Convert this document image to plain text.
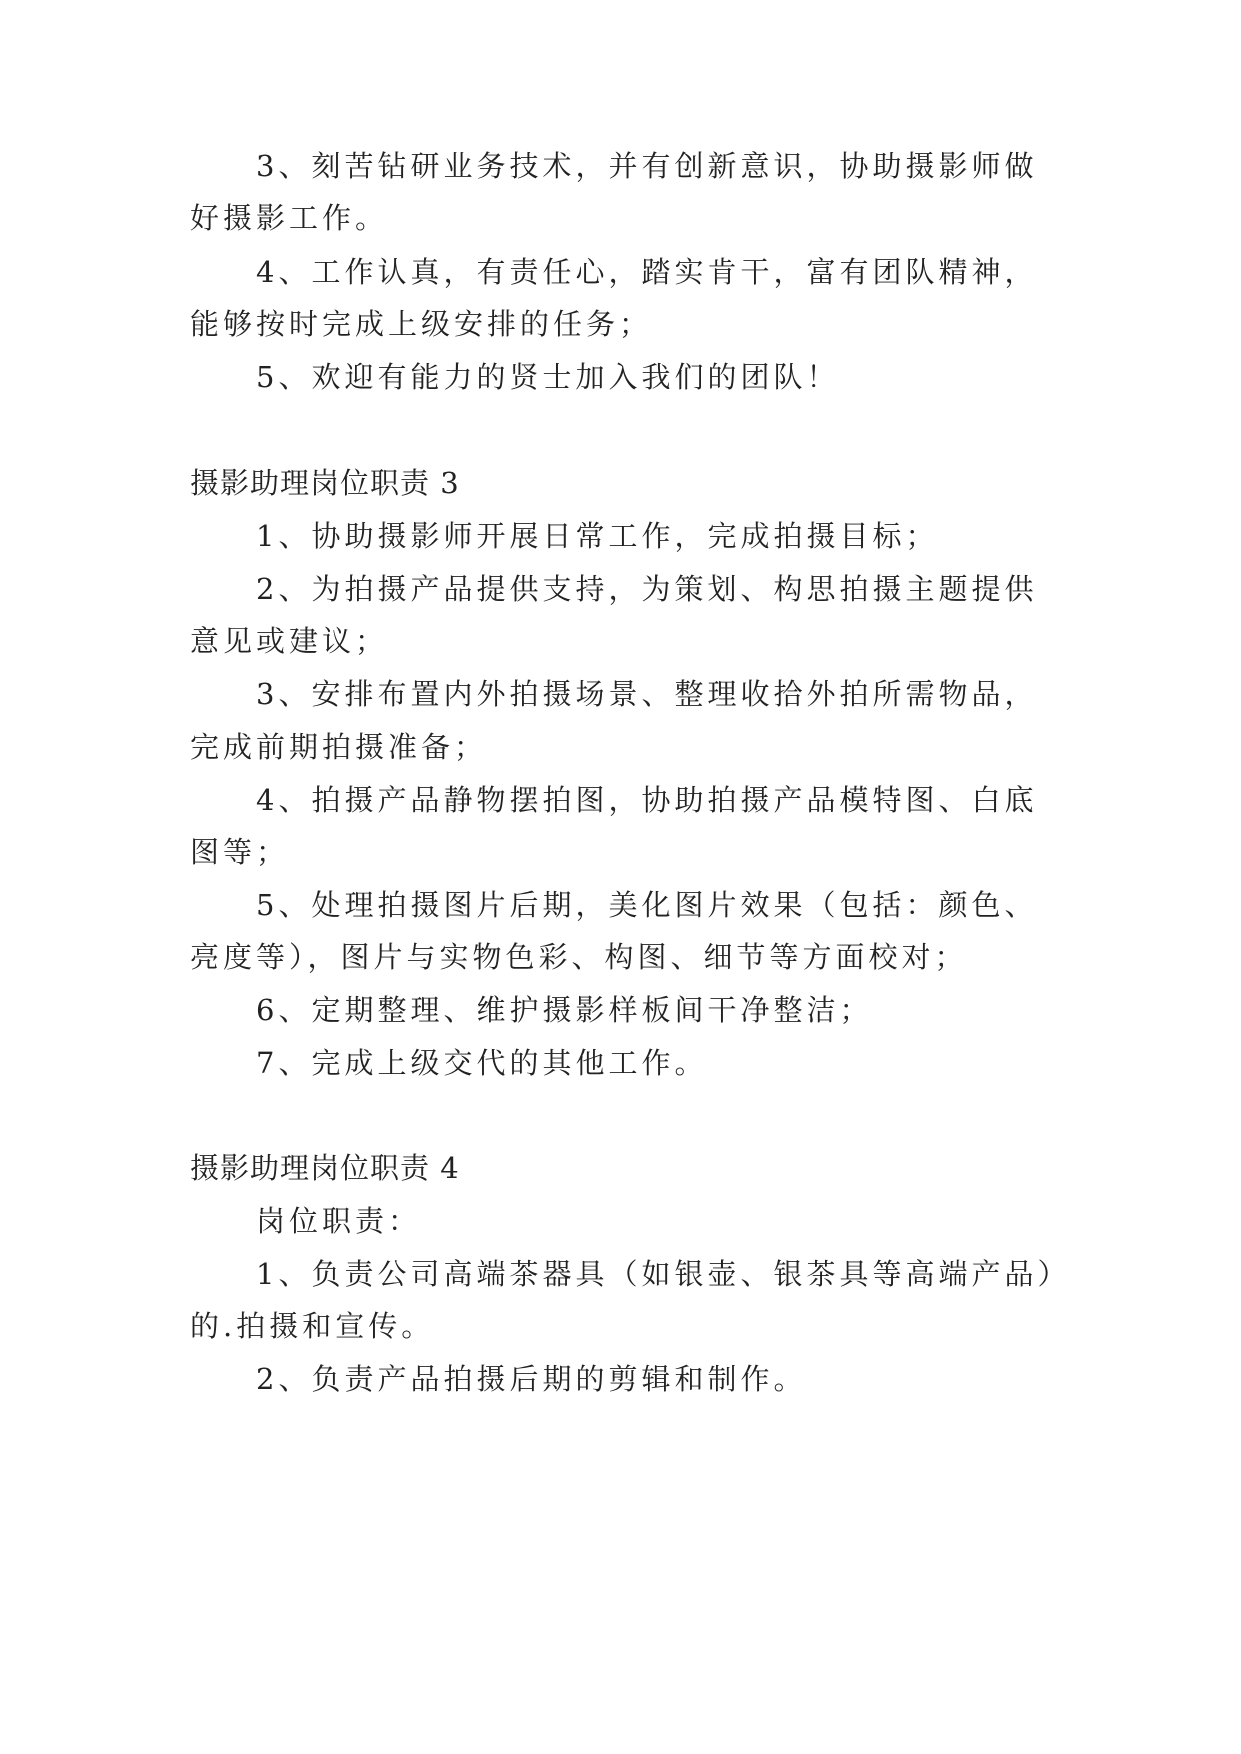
3、刻苦钻研业务技术，并有创新意识，协助摄影师做

好摄影工作。

4、工作认真，有责任心，踏实肯干，富有团队精神，

能够按时完成上级安排的任务；

5、欢迎有能力的贤士加入我们的团队！

摄影助理岗位职责 3

1、协助摄影师开展日常工作，完成拍摄目标；

2、为拍摄产品提供支持，为策划、构思拍摄主题提供

意见或建议；

3、安排布置内外拍摄场景、整理收拾外拍所需物品，

完成前期拍摄准备；

4、拍摄产品静物摆拍图，协助拍摄产品模特图、白底

图等；

5、处理拍摄图片后期，美化图片效果（包括：颜色、

亮度等），图片与实物色彩、构图、细节等方面校对；

6、定期整理、维护摄影样板间干净整洁；

7、完成上级交代的其他工作。

摄影助理岗位职责 4

岗位职责：

1、负责公司高端茶器具（如银壶、银茶具等高端产品）

的.拍摄和宣传。

2、负责产品拍摄后期的剪辑和制作。
